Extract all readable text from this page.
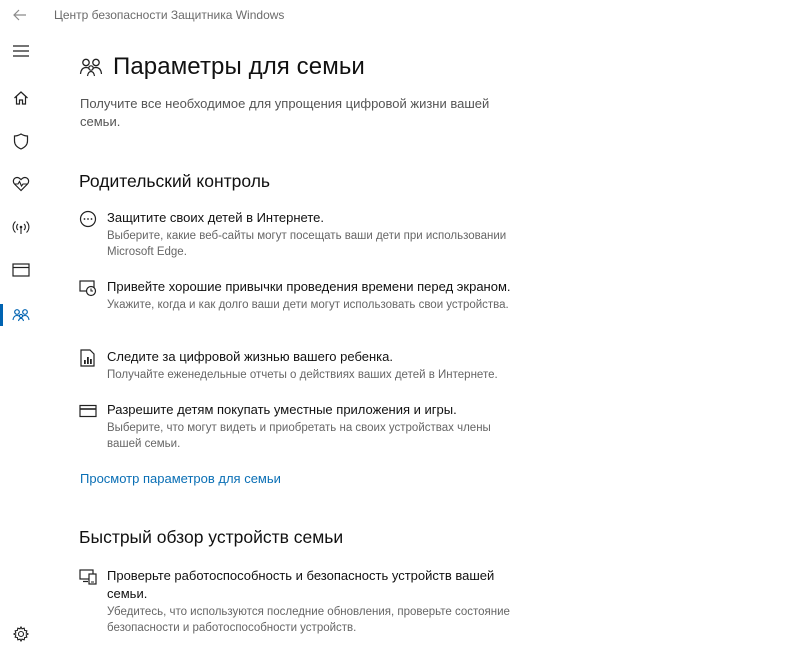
Центр безопасности Защитника Windows
Параметры для семьи
Получите все необходимое для упрощения цифровой жизни вашей семьи.
Родительский контроль
Защитите своих детей в Интернете.
Выберите, какие веб-сайты могут посещать ваши дети при использовании Microsoft Edge.
Привейте хорошие привычки проведения времени перед экраном.
Укажите, когда и как долго ваши дети могут использовать свои устройства.
Следите за цифровой жизнью вашего ребенка.
Получайте еженедельные отчеты о действиях ваших детей в Интернете.
Разрешите детям покупать уместные приложения и игры.
Выберите, что могут видеть и приобретать на своих устройствах члены вашей семьи.
Просмотр параметров для семьи
Быстрый обзор устройств семьи
Проверьте работоспособность и безопасность устройств вашей семьи.
Убедитесь, что используются последние обновления, проверьте состояние безопасности и работоспособности устройств.
